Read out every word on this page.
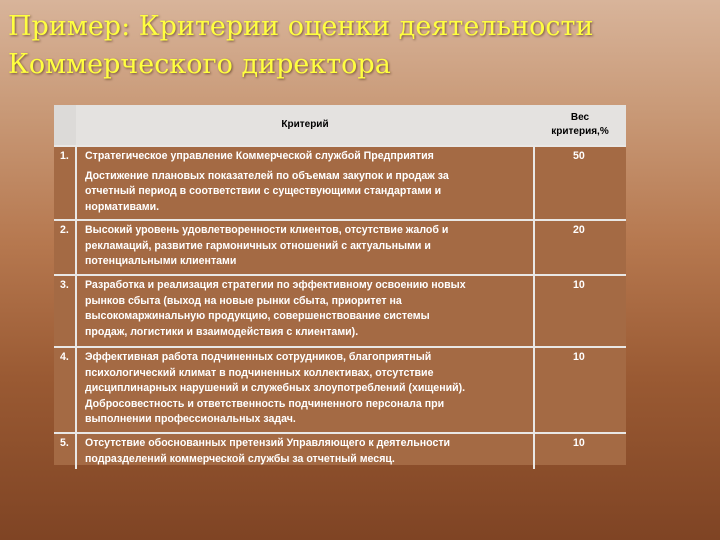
Пример: Критерии оценки деятельности Коммерческого директора
	Критерий	Вес
критерия,%

1.	Стратегическое управление Коммерческой службой Предприятия
Достижение плановых показателей по объемам закупок и продаж за
отчетный период в соответствии с существующими стандартами и
нормативами.	50
2.	Высокий уровень удовлетворенности клиентов, отсутствие жалоб и
рекламаций, развитие гармоничных отношений с актуальными и
потенциальными клиентами	20
3.	Разработка и реализация стратегии по эффективному освоению новых
рынков сбыта (выход на новые рынки сбыта, приоритет на
высокомаржинальную продукцию, совершенствование системы
продаж, логистики и взаимодействия с клиентами).	10
4.	Эффективная работа подчиненных сотрудников, благоприятный
психологический климат в подчиненных коллективах, отсутствие
дисциплинарных нарушений и служебных злоупотреблений (хищений).
Добросовестность и ответственность подчиненного персонала при
выполнении профессиональных задач.	10
5.	Отсутствие обоснованных претензий Управляющего к деятельности
подразделений коммерческой службы за отчетный месяц.	10
